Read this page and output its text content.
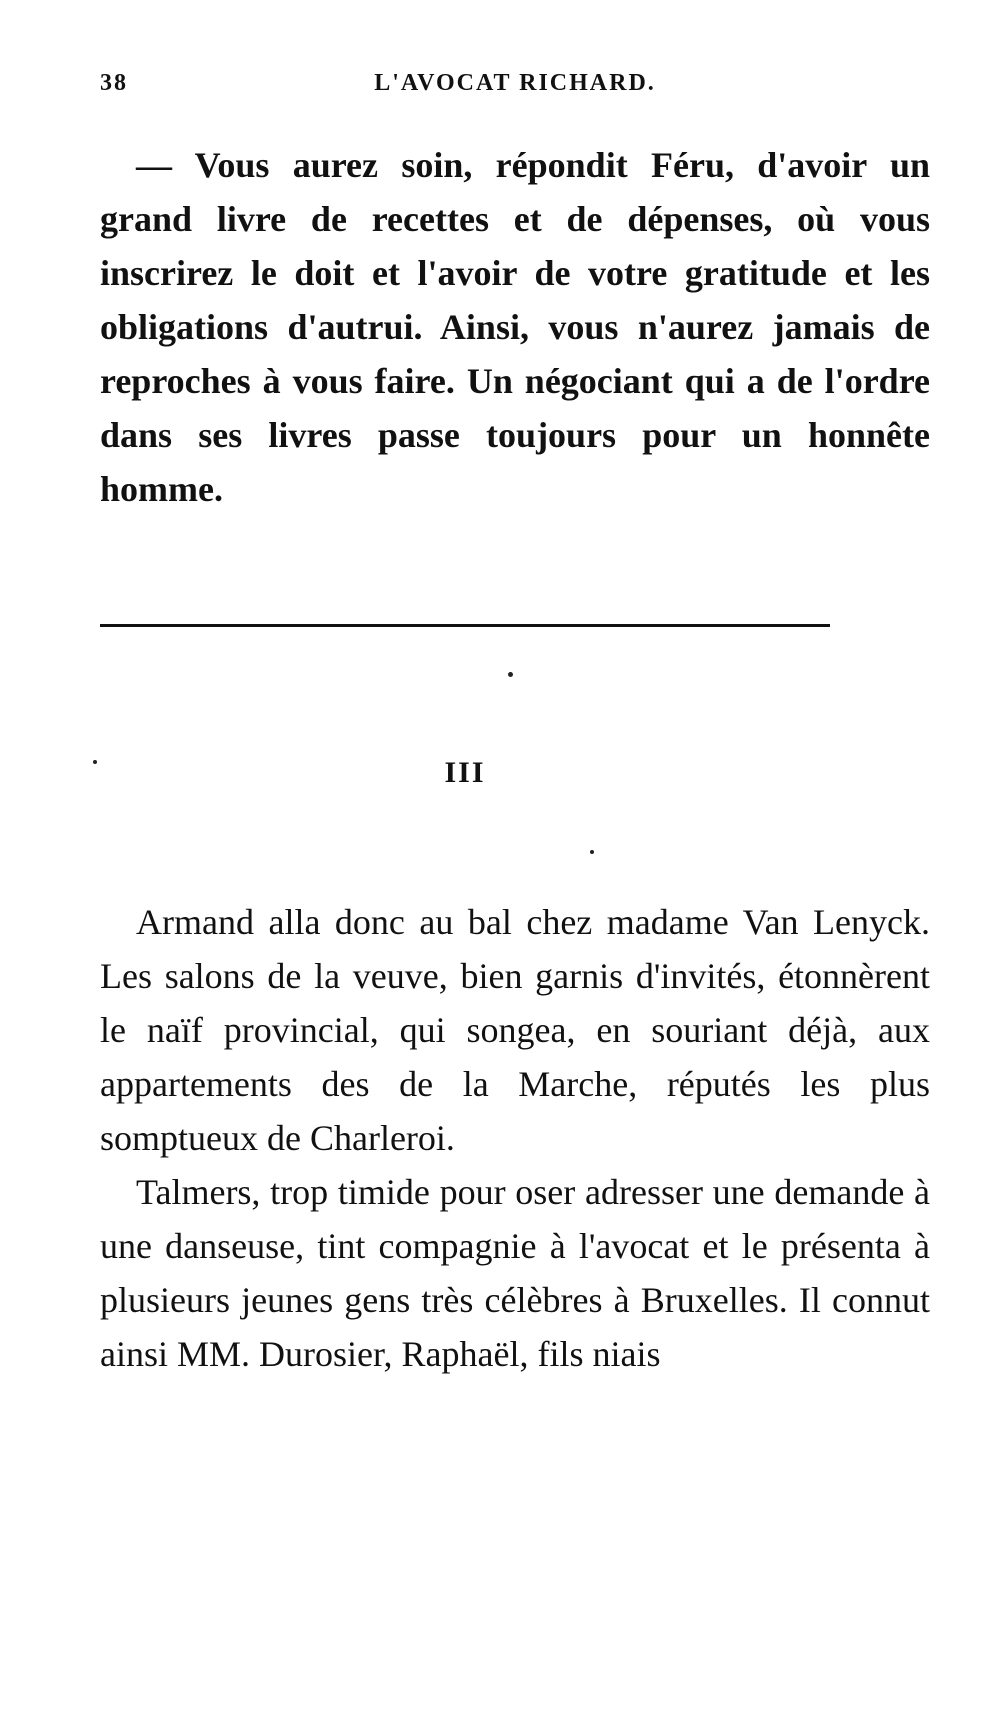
38	L'AVOCAT RICHARD.

— Vous aurez soin, répondit Féru, d'avoir un grand livre de recettes et de dépenses, où vous inscrirez le doit et l'avoir de votre gratitude et les obligations d'autrui. Ainsi, vous n'aurez jamais de reproches à vous faire. Un négociant qui a de l'ordre dans ses livres passe toujours pour un honnête homme.

III

Armand alla donc au bal chez madame Van Lenyck. Les salons de la veuve, bien garnis d'invités, étonnèrent le naïf provincial, qui songea, en souriant déjà, aux appartements des de la Marche, réputés les plus somptueux de Charleroi.

Talmers, trop timide pour oser adresser une demande à une danseuse, tint compagnie à l'avocat et le présenta à plusieurs jeunes gens très célèbres à Bruxelles. Il connut ainsi MM. Durosier, Raphaël, fils niais
